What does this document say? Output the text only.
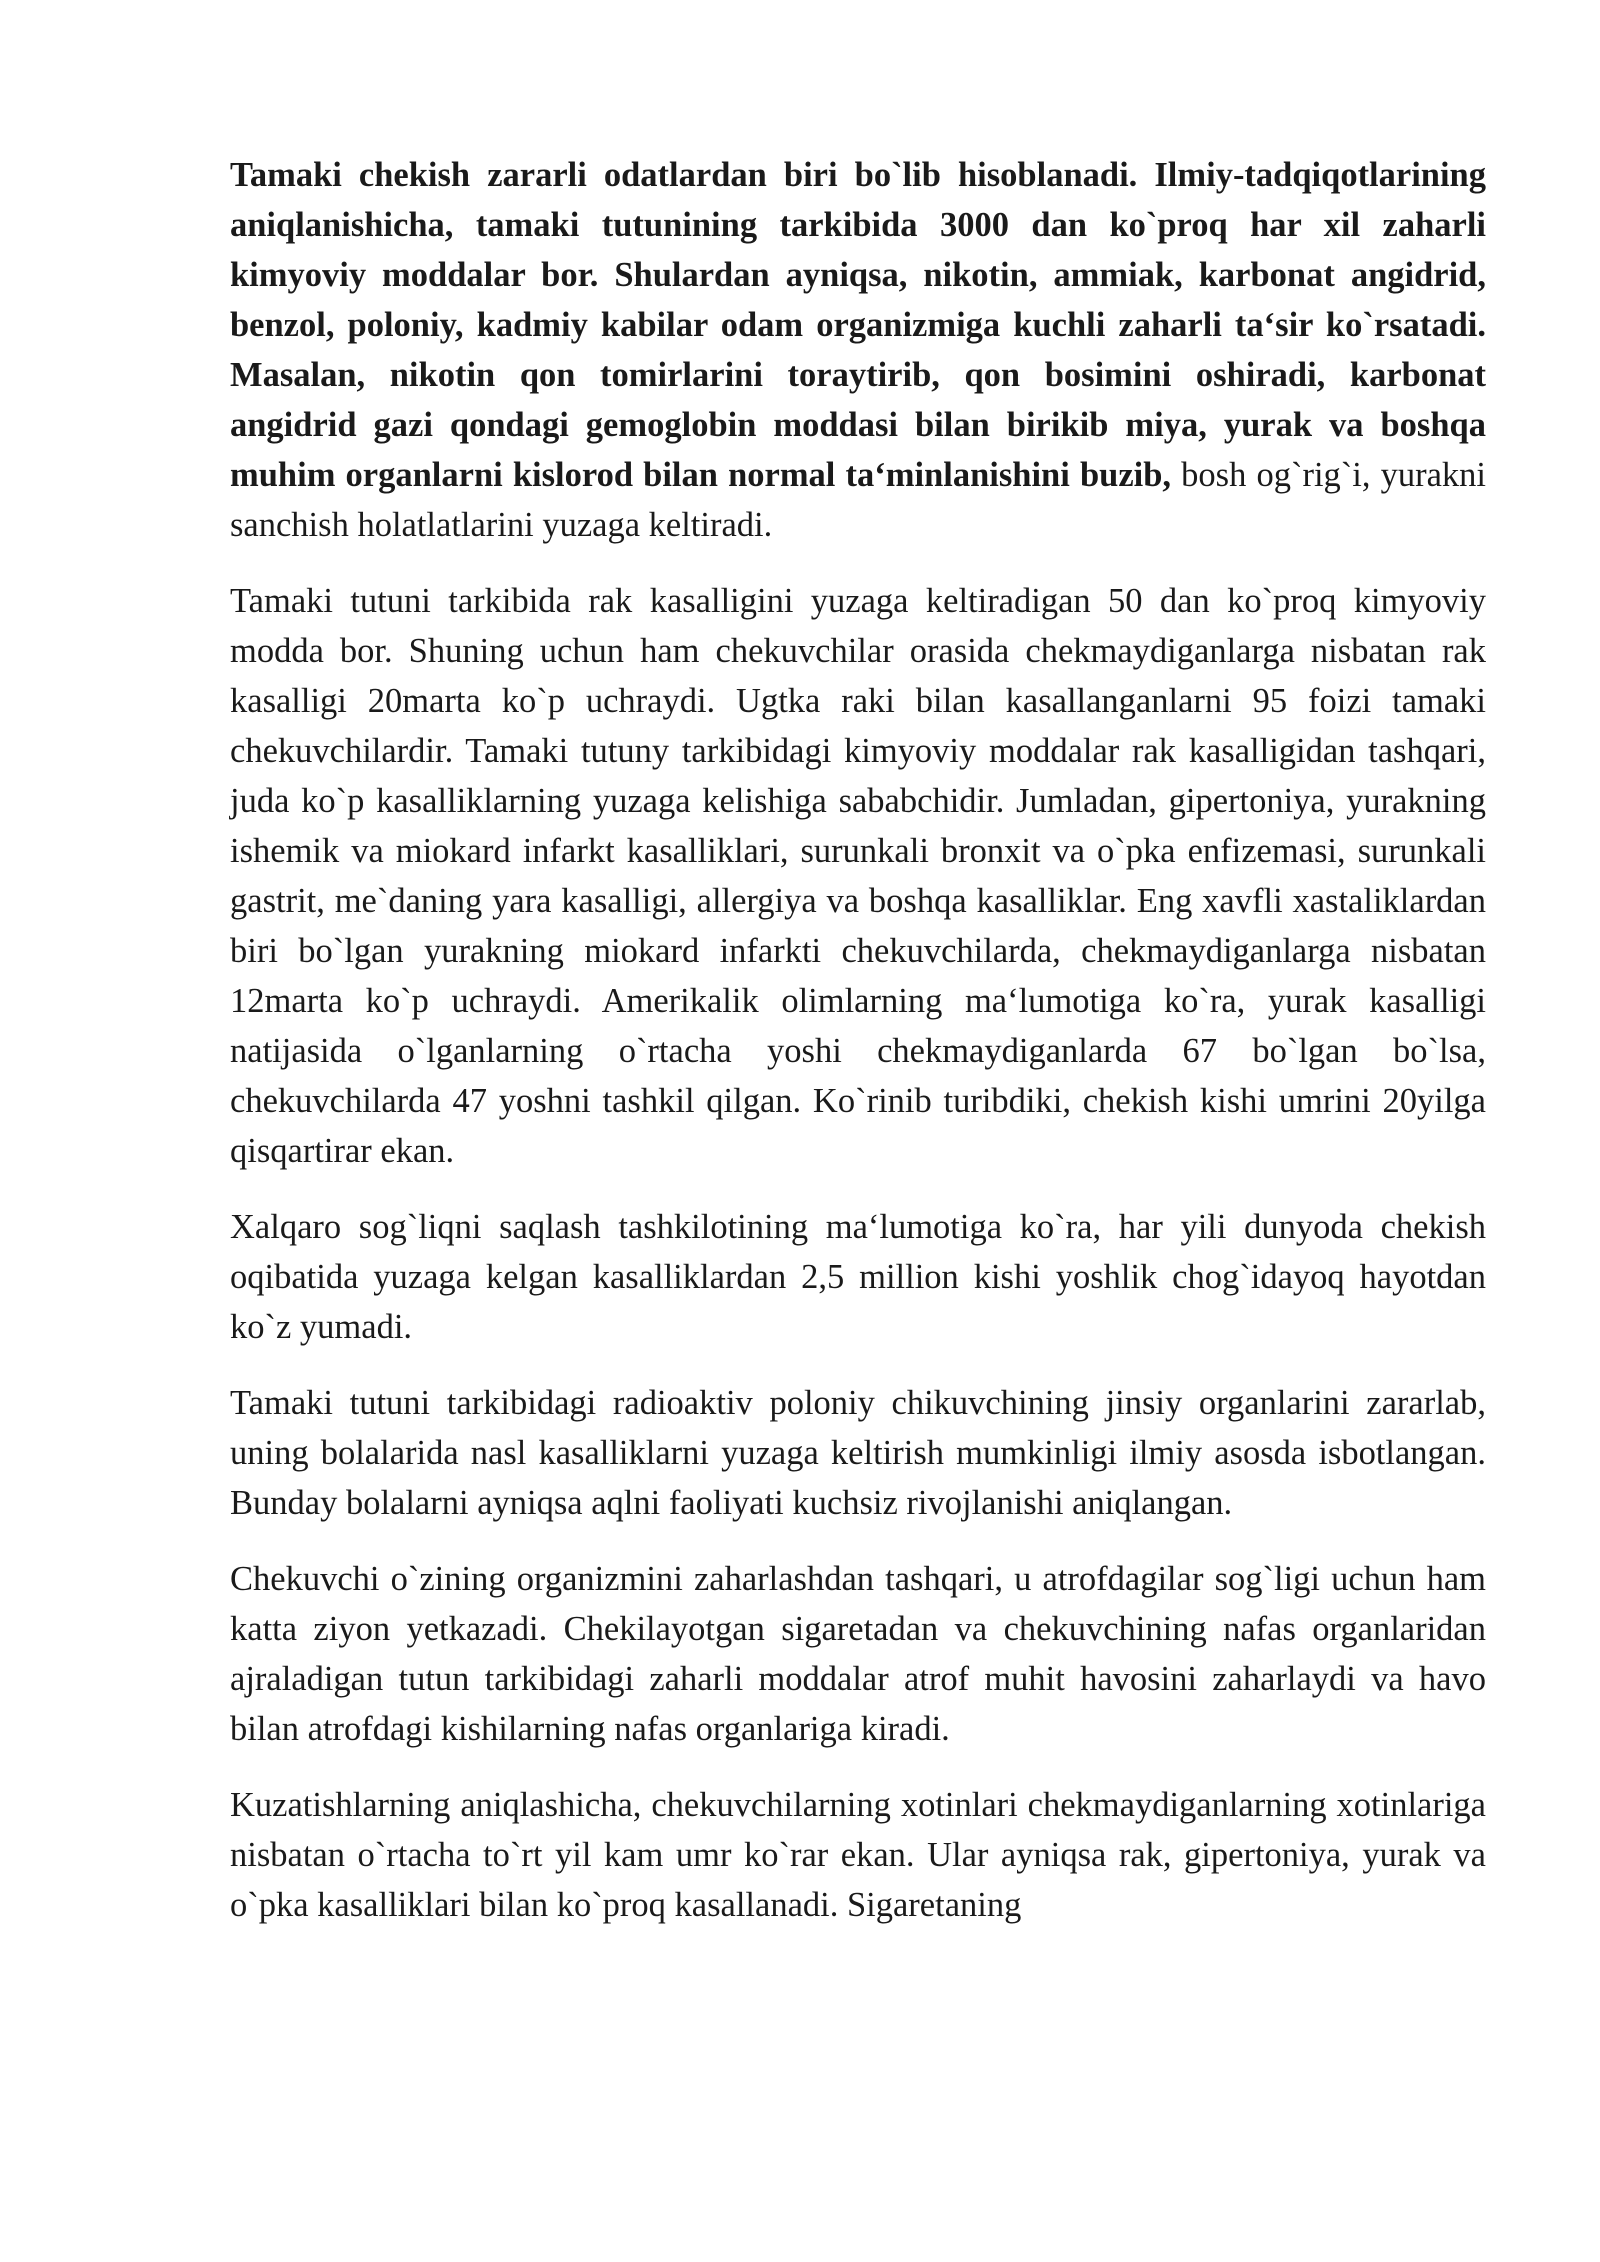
Tamaki chekish zararli odatlardan biri bo`lib hisoblanadi. Ilmiy-tadqiqotlarining aniqlanishicha, tamaki tutunining tarkibida 3000 dan ko`proq har xil zaharli kimyoviy moddalar bor. Shulardan ayniqsa, nikotin, ammiak, karbonat angidrid, benzol, poloniy, kadmiy kabilar odam organizmiga kuchli zaharli ta‘sir ko`rsatadi. Masalan, nikotin qon tomirlarini toraytirib, qon bosimini oshiradi, karbonat angidrid gazi qondagi gemoglobin moddasi bilan birikib miya, yurak va boshqa muhim organlarni kislorod bilan normal ta‘minlanishini buzib, bosh og`rig`i, yurakni sanchish holatlatlarini yuzaga keltiradi.

Tamaki tutuni tarkibida rak kasalligini yuzaga keltiradigan 50 dan ko`proq kimyoviy modda bor. Shuning uchun ham chekuvchilar orasida chekmaydiganlarga nisbatan rak kasalligi 20marta ko`p uchraydi. Ugtka raki bilan kasallanganlarni 95 foizi tamaki chekuvchilardir. Tamaki tutuny tarkibidagi kimyoviy moddalar rak kasalligidan tashqari, juda ko`p kasalliklarning yuzaga kelishiga sababchidir. Jumladan, gipertoniya, yurakning ishemik va miokard infarkt kasalliklari, surunkali bronxit va o`pka enfizemasi, surunkali gastrit, me`daning yara kasalligi, allergiya va boshqa kasalliklar. Eng xavfli xastaliklardan biri bo`lgan yurakning miokard infarkti chekuvchilarda, chekmaydiganlarga nisbatan 12marta ko`p uchraydi. Amerikalik olimlarning ma‘lumotiga ko`ra, yurak kasalligi natijasida o`lganlarning o`rtacha yoshi chekmaydiganlarda 67 bo`lgan bo`lsa, chekuvchilarda 47 yoshni tashkil qilgan. Ko`rinib turibdiki, chekish kishi umrini 20yilga qisqartirar ekan.

Xalqaro sog`liqni saqlash tashkilotining ma‘lumotiga ko`ra, har yili dunyoda chekish oqibatida yuzaga kelgan kasalliklardan 2,5 million kishi yoshlik chog`idayoq hayotdan ko`z yumadi.

Tamaki tutuni tarkibidagi radioaktiv poloniy chikuvchining jinsiy organlarini zararlab, uning bolalarida nasl kasalliklarni yuzaga keltirish mumkinligi ilmiy asosda isbotlangan. Bunday bolalarni ayniqsa aqlni faoliyati kuchsiz rivojlanishi aniqlangan.

Chekuvchi o`zining organizmini zaharlashdan tashqari, u atrofdagilar sog`ligi uchun ham katta ziyon yetkazadi. Chekilayotgan sigaretadan va chekuvchining nafas organlaridan ajraladigan tutun tarkibidagi zaharli moddalar atrof muhit havosini zaharlaydi va havo bilan atrofdagi kishilarning nafas organlariga kiradi.

Kuzatishlarning aniqlashicha, chekuvchilarning xotinlari chekmaydiganlarning xotinlariga nisbatan o`rtacha to`rt yil kam umr ko`rar ekan. Ular ayniqsa rak, gipertoniya, yurak va o`pka kasalliklari bilan ko`proq kasallanadi. Sigaretaning
